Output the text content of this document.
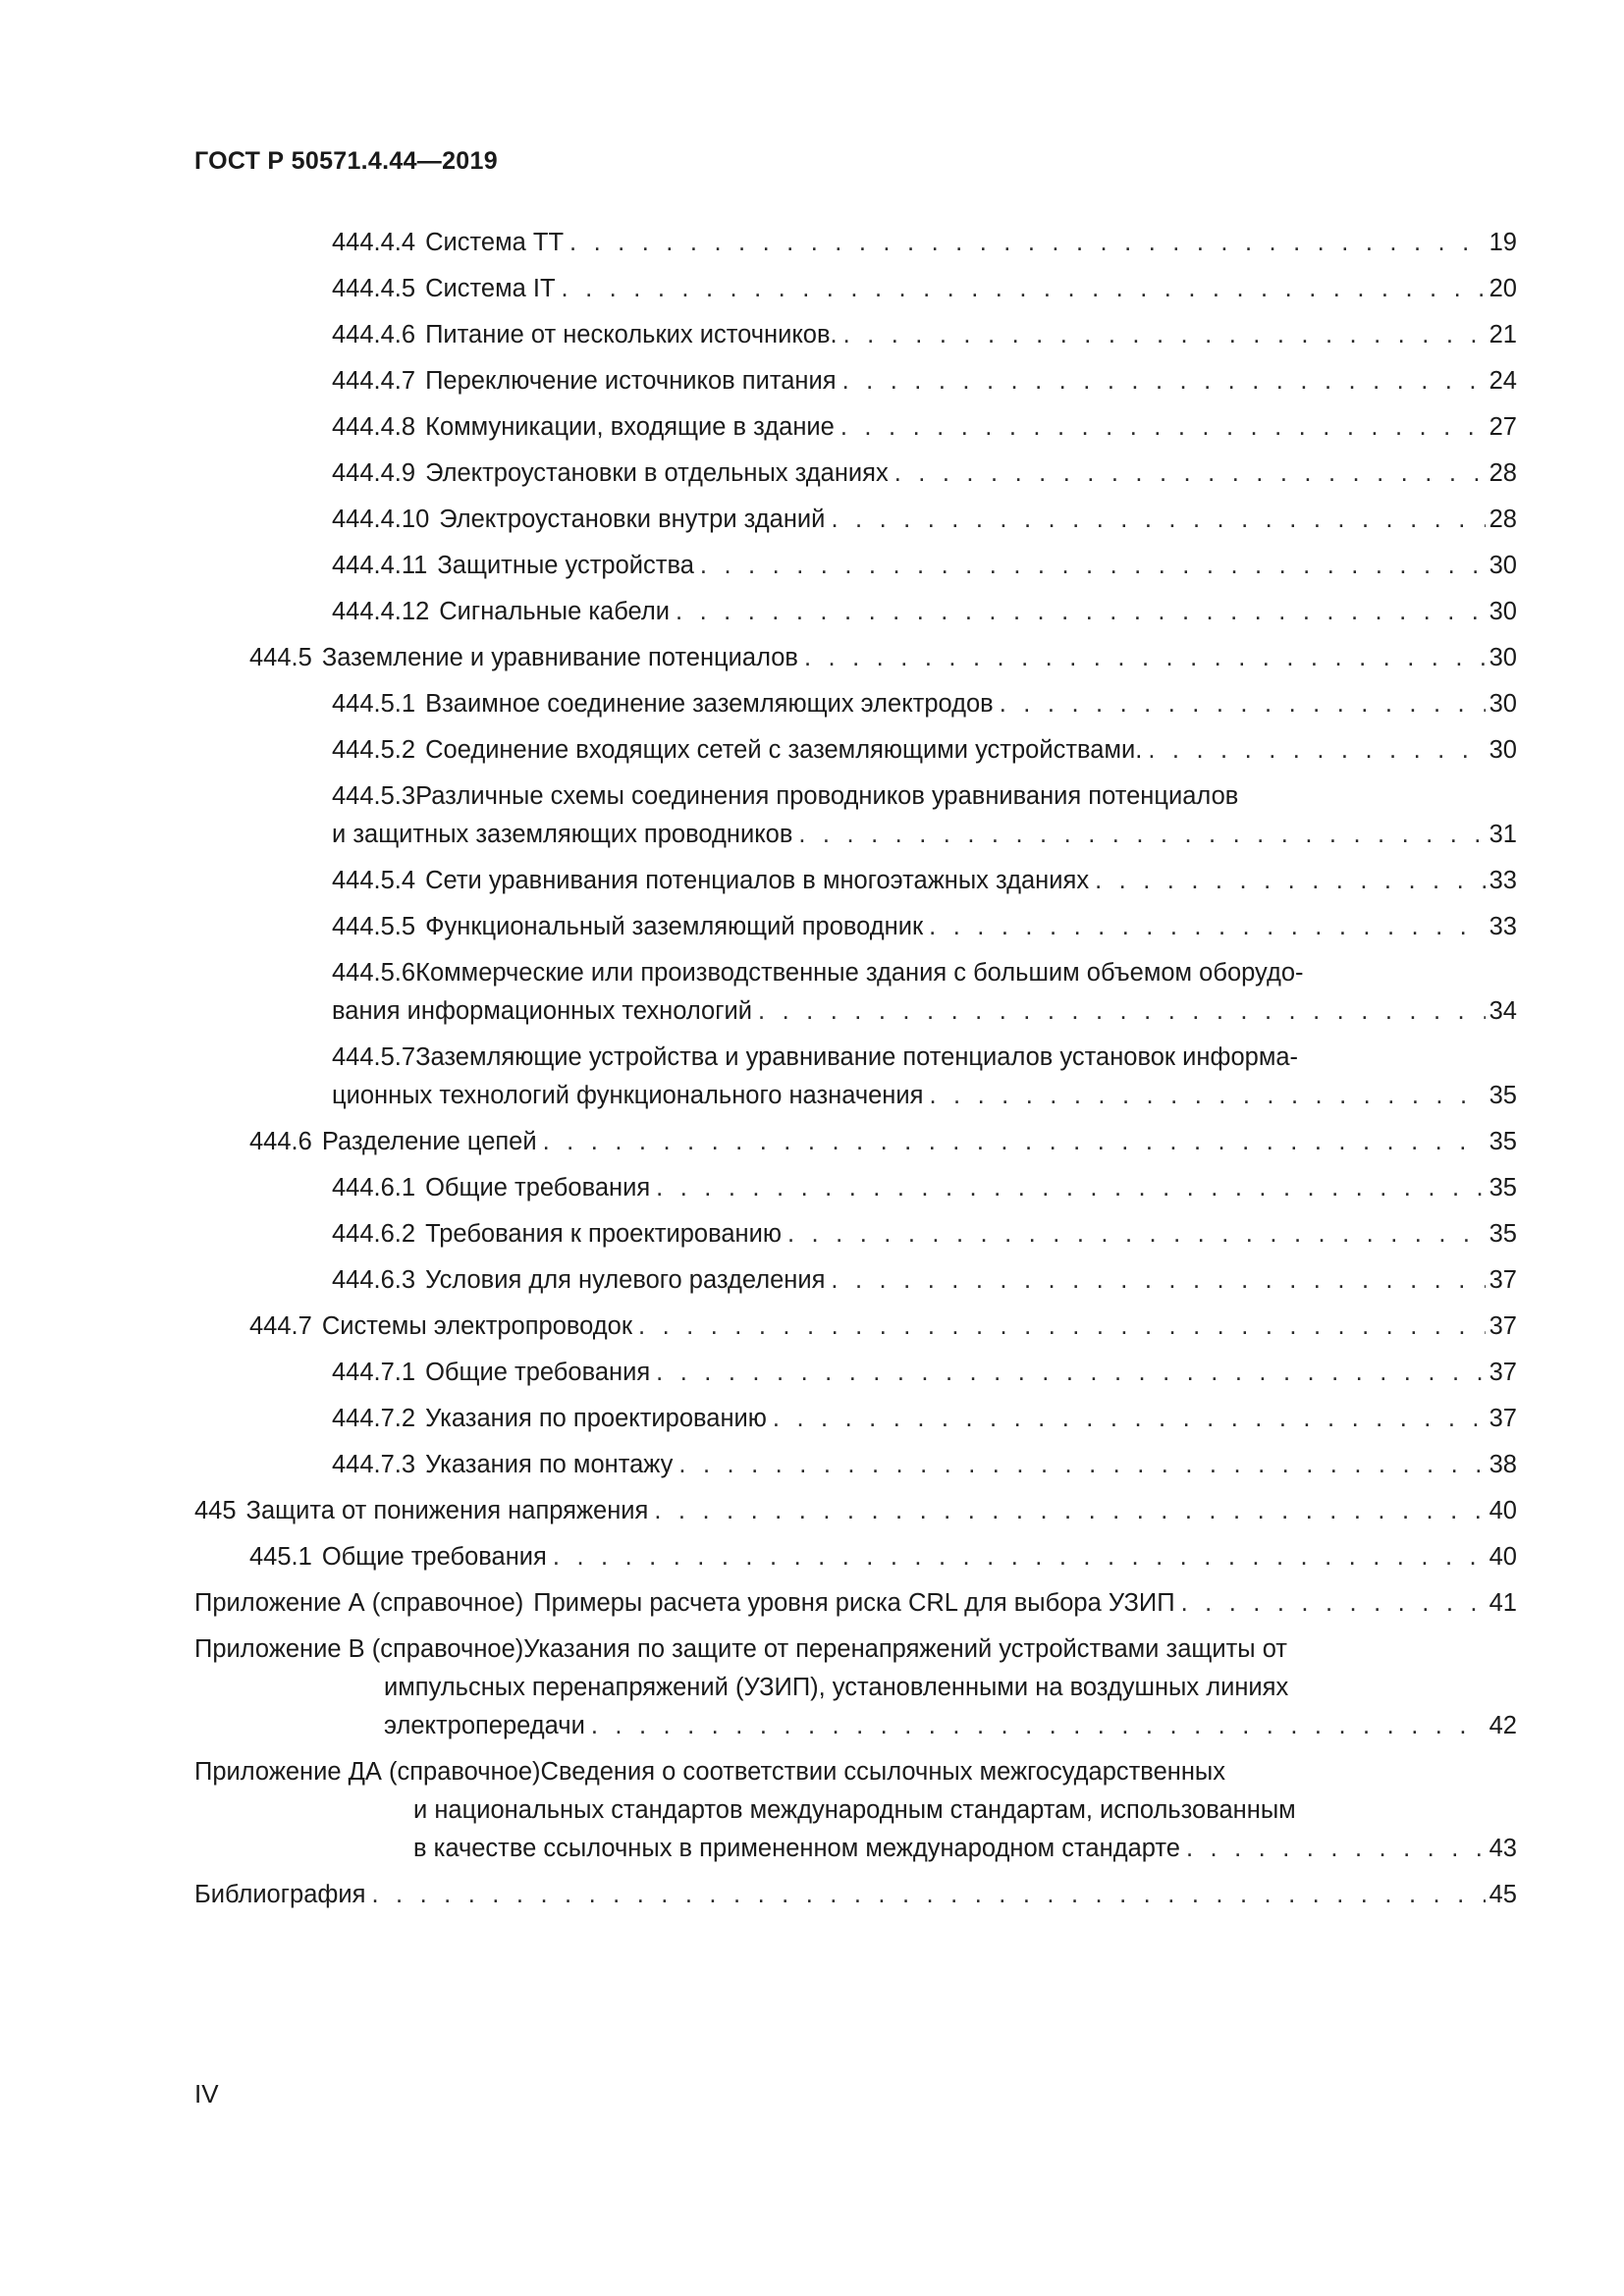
ГОСТ Р 50571.4.44—2019
444.4.4 Система ТТ . . .	19
444.4.5 Система IT . . .	20
444.4.6 Питание от нескольких источников. . . .	21
444.4.7 Переключение источников питания . . .	24
444.4.8 Коммуникации, входящие в здание . . .	27
444.4.9 Электроустановки в отдельных зданиях . . .	28
444.4.10 Электроустановки внутри зданий . . .	28
444.4.11 Защитные устройства . . .	30
444.4.12 Сигнальные кабели . . .	30
444.5 Заземление и уравнивание потенциалов . . .	30
444.5.1 Взаимное соединение заземляющих электродов . . .	30
444.5.2 Соединение входящих сетей с заземляющими устройствами. . . .	30
444.5.3Различные схемы соединения проводников уравнивания потенциалов
и защитных заземляющих проводников . . .	31
444.5.4 Сети уравнивания потенциалов в многоэтажных зданиях . . .	33
444.5.5 Функциональный заземляющий проводник . . .	33
444.5.6Коммерческие или производственные здания с большим объемом оборудо-
вания информационных технологий . . .	34
444.5.7Заземляющие устройства и уравнивание потенциалов установок информа-
ционных технологий функционального назначения . . .	35
444.6 Разделение цепей . . .	35
444.6.1 Общие требования . . .	35
444.6.2 Требования к проектированию . . .	35
444.6.3 Условия для нулевого разделения . . .	37
444.7 Системы электропроводок . . .	37
444.7.1 Общие требования . . .	37
444.7.2 Указания по проектированию . . .	37
444.7.3 Указания по монтажу . . .	38
445 Защита от понижения напряжения . . .	40
445.1 Общие требования . . .	40
Приложение А (справочное) Примеры расчета уровня риска CRL для выбора УЗИП . . .	41
Приложение В (справочное)Указания по защите от перенапряжений устройствами защиты от
импульсных перенапряжений (УЗИП), установленными на воздушных линиях
электропередачи . . .	42
Приложение ДА (справочное)Сведения о соответствии ссылочных межгосударственных
и национальных стандартов международным стандартам, использованным
в качестве ссылочных в примененном международном стандарте . . .	43
Библиография . . .	45
IV
